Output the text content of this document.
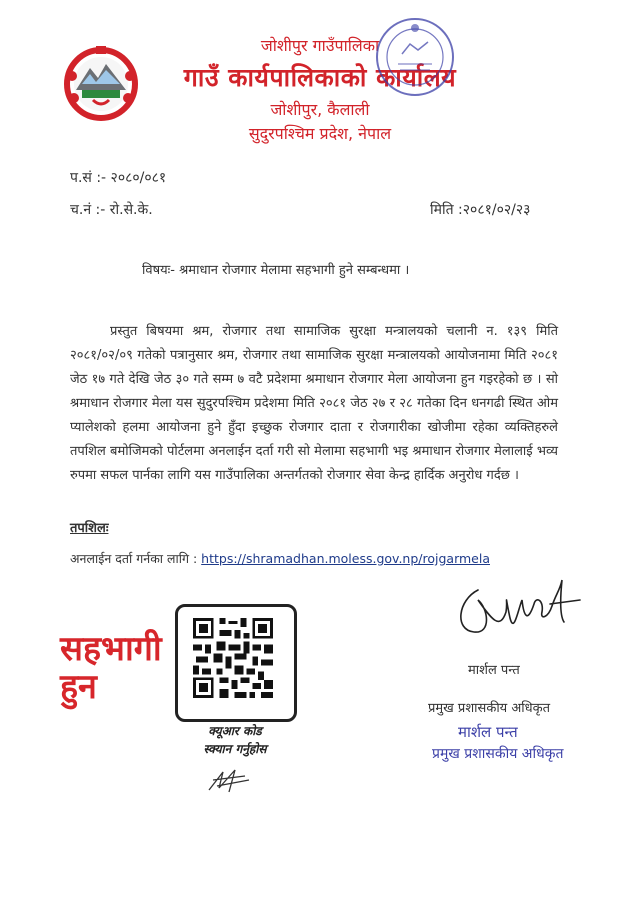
जोशीपुर गाउँपालिका
गाउँ कार्यपालिकाको कार्यालय
जोशीपुर, कैलाली
सुदुरपश्चिम प्रदेश, नेपाल
प.सं :- २०८०/०८१
च.नं :- रो.से.के.	मिति :२०८१/०२/२३
विषयः- श्रमाधान रोजगार मेलामा सहभागी हुने सम्बन्धमा ।
प्रस्तुत बिषयमा श्रम, रोजगार तथा सामाजिक सुरक्षा मन्त्रालयको चलानी न. १३९ मिति २०८१/०२/०९ गतेको पत्रानुसार श्रम, रोजगार तथा सामाजिक सुरक्षा मन्त्रालयको आयोजनामा मिति २०८१ जेठ १७ गते देखि जेठ ३० गते सम्म ७ वटै प्रदेशमा श्रमाधान रोजगार मेला आयोजना हुन गइरहेको छ । सो श्रमाधान रोजगार मेला यस सुदुरपश्चिम प्रदेशमा मिति २०८१ जेठ २७ र २८ गतेका दिन धनगढी स्थित ओम प्यालेशको हलमा आयोजना हुने हुँदा इच्छुक रोजगार दाता र रोजगारीका खोजीमा रहेका व्यक्तिहरुले तपशिल बमोजिमको पोर्टलमा अनलाईन दर्ता गरी सो मेलामा सहभागी भइ श्रमाधान रोजगार मेलालाई भव्य रुपमा सफल पार्नका लागि यस गाउँपालिका अन्तर्गतको रोजगार सेवा केन्द्र हार्दिक अनुरोध गर्दछ ।
तपशिलः
अनलाईन दर्ता गर्नका लागि : https://shramadhan.moless.gov.np/rojgarmela
सहभागी
हुन
क्यूआर कोड
स्क्यान गर्नुहोस
मार्शल पन्त
प्रमुख प्रशासकीय अधिकृत
मार्शल पन्त
प्रमुख प्रशासकीय अधिकृत
